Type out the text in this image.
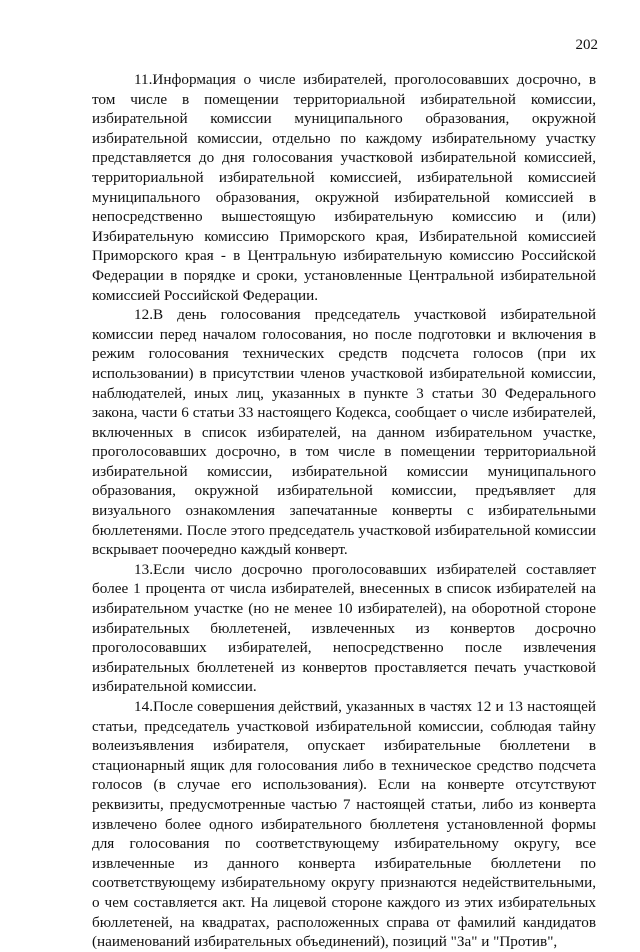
202

11.Информация о числе избирателей, проголосовавших досрочно, в том числе в помещении территориальной избирательной комиссии, избирательной комиссии муниципального образования, окружной избирательной комиссии, отдельно по каждому избирательному участку представляется до дня голосования участковой избирательной комиссией, территориальной избирательной комиссией, избирательной комиссией муниципального образования, окружной избирательной комиссией в непосредственно вышестоящую избирательную комиссию и (или) Избирательную комиссию Приморского края, Избирательной комиссией Приморского края - в Центральную избирательную комиссию Российской Федерации в порядке и сроки, установленные Центральной избирательной комиссией Российской Федерации.

12.В день голосования председатель участковой избирательной комиссии перед началом голосования, но после подготовки и включения в режим голосования технических средств подсчета голосов (при их использовании) в присутствии членов участковой избирательной комиссии, наблюдателей, иных лиц, указанных в пункте 3 статьи 30 Федерального закона, части 6 статьи 33 настоящего Кодекса, сообщает о числе избирателей, включенных в список избирателей, на данном избирательном участке, проголосовавших досрочно, в том числе в помещении территориальной избирательной комиссии, избирательной комиссии муниципального образования, окружной избирательной комиссии, предъявляет для визуального ознакомления запечатанные конверты с избирательными бюллетенями. После этого председатель участковой избирательной комиссии вскрывает поочередно каждый конверт.

13.Если число досрочно проголосовавших избирателей составляет более 1 процента от числа избирателей, внесенных в список избирателей на избирательном участке (но не менее 10 избирателей), на оборотной стороне избирательных бюллетеней, извлеченных из конвертов досрочно проголосовавших избирателей, непосредственно после извлечения избирательных бюллетеней из конвертов проставляется печать участковой избирательной комиссии.

14.После совершения действий, указанных в частях 12 и 13 настоящей статьи, председатель участковой избирательной комиссии, соблюдая тайну волеизъявления избирателя, опускает избирательные бюллетени в стационарный ящик для голосования либо в техническое средство подсчета голосов (в случае его использования). Если на конверте отсутствуют реквизиты, предусмотренные частью 7 настоящей статьи, либо из конверта извлечено более одного избирательного бюллетеня установленной формы для голосования по соответствующему избирательному округу, все извлеченные из данного конверта избирательные бюллетени по соответствующему избирательному округу признаются недействительными, о чем составляется акт. На лицевой стороне каждого из этих избирательных бюллетеней, на квадратах, расположенных справа от фамилий кандидатов (наименований избирательных объединений), позиций "За" и "Против",
